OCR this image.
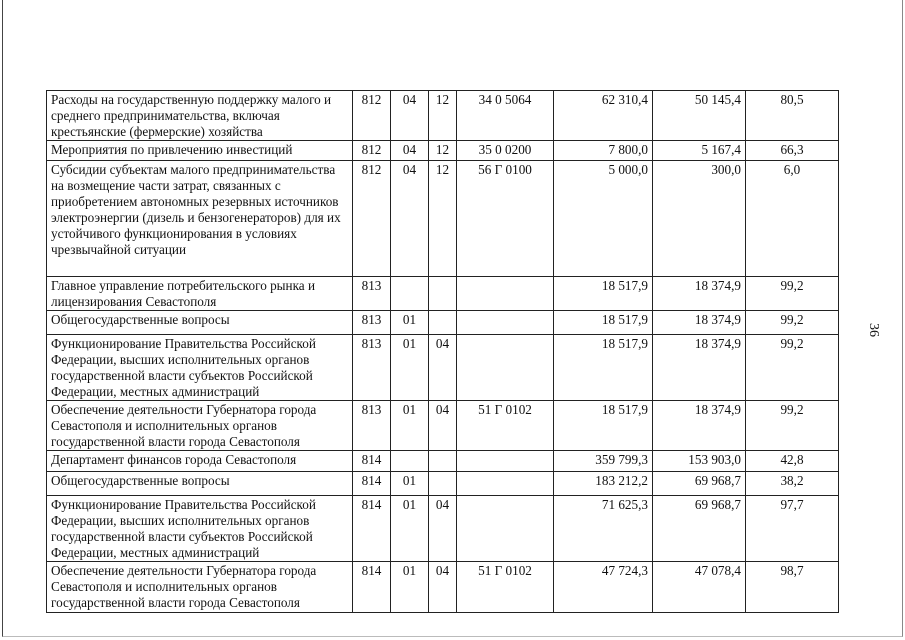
Расходы на государственную поддержку малого и среднего предпринимательства, включая крестьянские (фермерские) хозяйства	812	04	12	34 0 5064	62 310,4	50 145,4	80,5
Мероприятия по привлечению инвестиций	812	04	12	35 0 0200	7 800,0	5 167,4	66,3
Субсидии субъектам малого предпринимательства на возмещение части затрат, связанных с приобретением автономных резервных источников электроэнергии (дизель и бензогенераторов) для их устойчивого функционирования в условиях чрезвычайной ситуации	812	04	12	56 Г 0100	5 000,0	300,0	6,0
Главное управление потребительского рынка и лицензирования Севастополя	813				18 517,9	18 374,9	99,2
Общегосударственные вопросы	813	01			18 517,9	18 374,9	99,2
Функционирование Правительства Российской Федерации, высших исполнительных органов государственной власти субъектов Российской Федерации, местных администраций	813	01	04		18 517,9	18 374,9	99,2
Обеспечение деятельности Губернатора города Севастополя и исполнительных органов государственной власти города Севастополя	813	01	04	51 Г 0102	18 517,9	18 374,9	99,2
Департамент финансов города Севастополя	814				359 799,3	153 903,0	42,8
Общегосударственные вопросы	814	01			183 212,2	69 968,7	38,2
Функционирование Правительства Российской Федерации, высших исполнительных органов государственной власти субъектов Российской Федерации, местных администраций	814	01	04		71 625,3	69 968,7	97,7
Обеспечение деятельности Губернатора города Севастополя и исполнительных органов государственной власти города Севастополя	814	01	04	51 Г 0102	47 724,3	47 078,4	98,7
36
